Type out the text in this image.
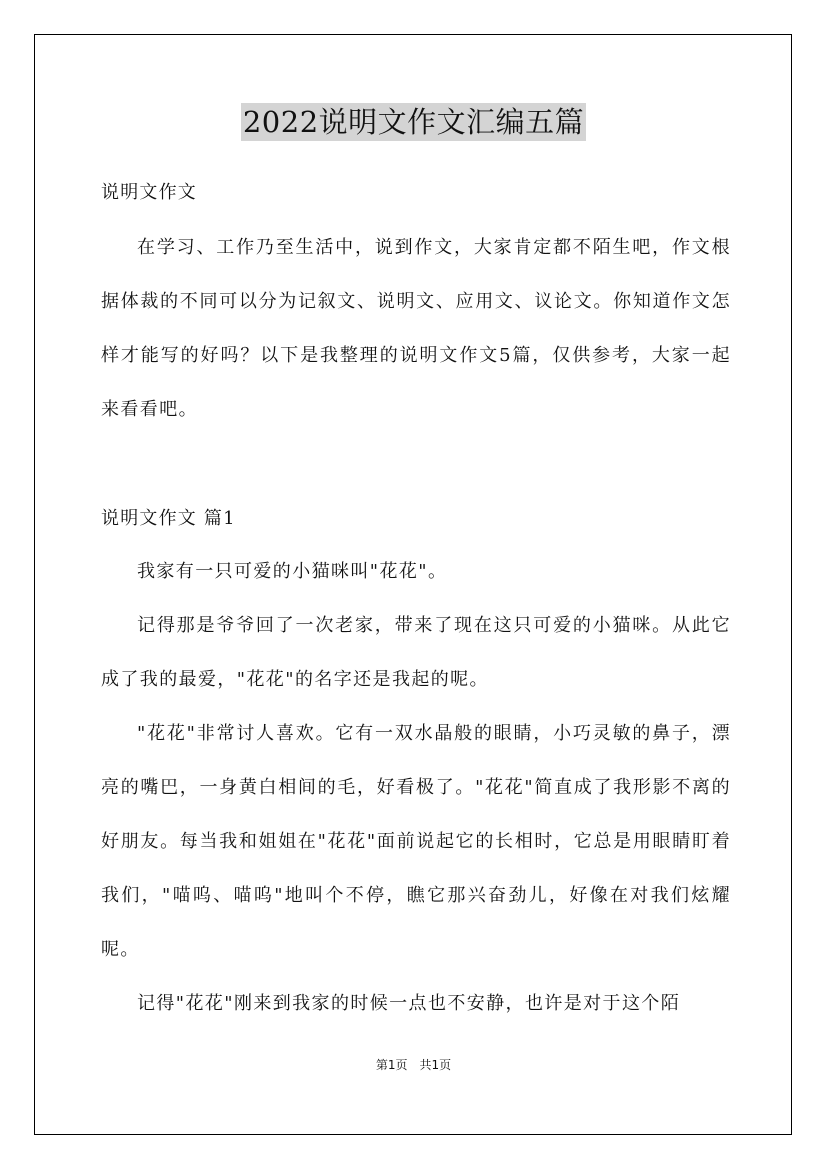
2022说明文作文汇编五篇
说明文作文

在学习、工作乃至生活中，说到作文，大家肯定都不陌生吧，作文根据体裁的不同可以分为记叙文、说明文、应用文、议论文。你知道作文怎样才能写的好吗？以下是我整理的说明文作文5篇，仅供参考，大家一起来看看吧。

说明文作文 篇1

我家有一只可爱的小猫咪叫"花花"。

记得那是爷爷回了一次老家，带来了现在这只可爱的小猫咪。从此它成了我的最爱，"花花"的名字还是我起的呢。

"花花"非常讨人喜欢。它有一双水晶般的眼睛，小巧灵敏的鼻子，漂亮的嘴巴，一身黄白相间的毛，好看极了。"花花"简直成了我形影不离的好朋友。每当我和姐姐在"花花"面前说起它的长相时，它总是用眼睛盯着我们，"喵呜、喵呜"地叫个不停，瞧它那兴奋劲儿，好像在对我们炫耀呢。

记得"花花"刚来到我家的时候一点也不安静，也许是对于这个陌

第1页　共1页
